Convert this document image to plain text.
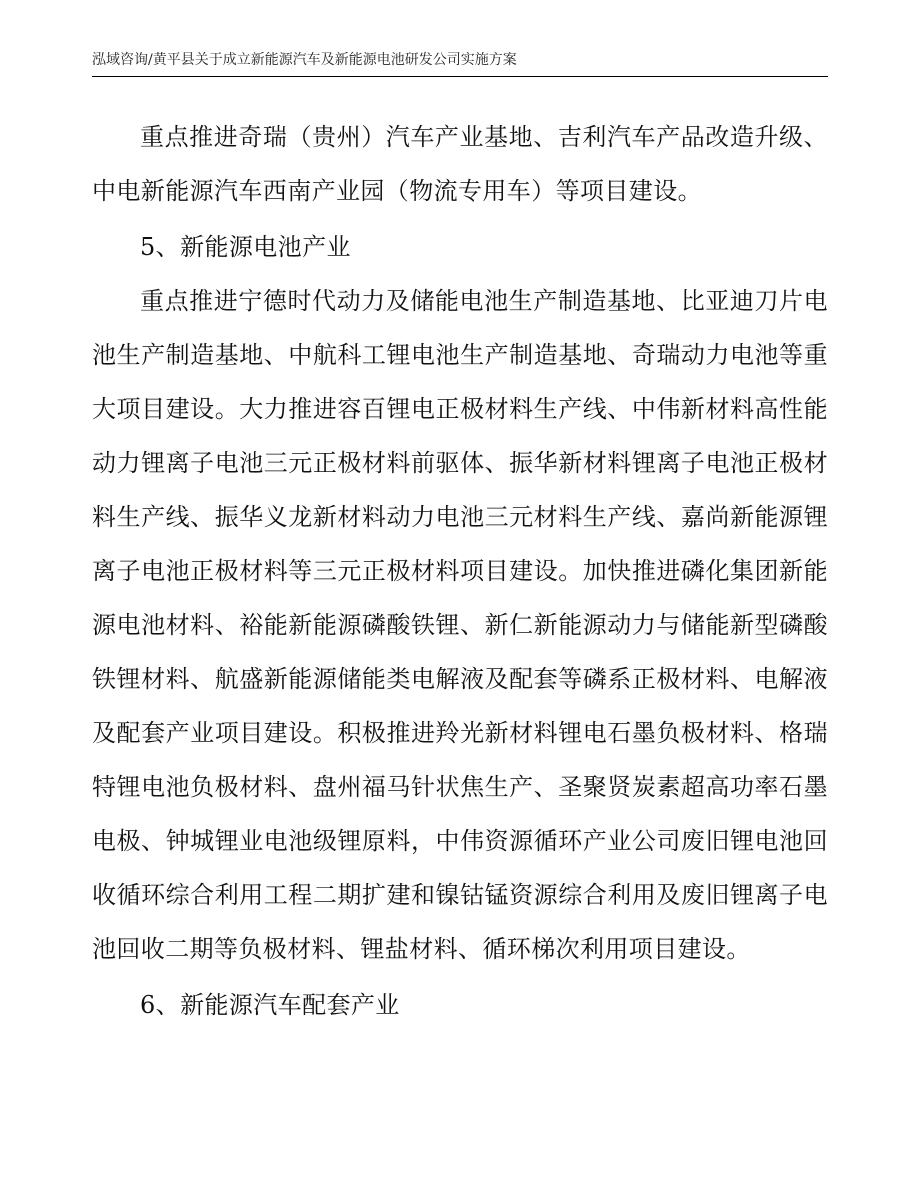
泓域咨询/黄平县关于成立新能源汽车及新能源电池研发公司实施方案

重点推进奇瑞（贵州）汽车产业基地、吉利汽车产品改造升级、中电新能源汽车西南产业园（物流专用车）等项目建设。

5、新能源电池产业

重点推进宁德时代动力及储能电池生产制造基地、比亚迪刀片电池生产制造基地、中航科工锂电池生产制造基地、奇瑞动力电池等重大项目建设。大力推进容百锂电正极材料生产线、中伟新材料高性能动力锂离子电池三元正极材料前驱体、振华新材料锂离子电池正极材料生产线、振华义龙新材料动力电池三元材料生产线、嘉尚新能源锂离子电池正极材料等三元正极材料项目建设。加快推进磷化集团新能源电池材料、裕能新能源磷酸铁锂、新仁新能源动力与储能新型磷酸铁锂材料、航盛新能源储能类电解液及配套等磷系正极材料、电解液及配套产业项目建设。积极推进羚光新材料锂电石墨负极材料、格瑞特锂电池负极材料、盘州福马针状焦生产、圣聚贤炭素超高功率石墨电极、钟城锂业电池级锂原料，中伟资源循环产业公司废旧锂电池回收循环综合利用工程二期扩建和镍钴锰资源综合利用及废旧锂离子电池回收二期等负极材料、锂盐材料、循环梯次利用项目建设。

6、新能源汽车配套产业
